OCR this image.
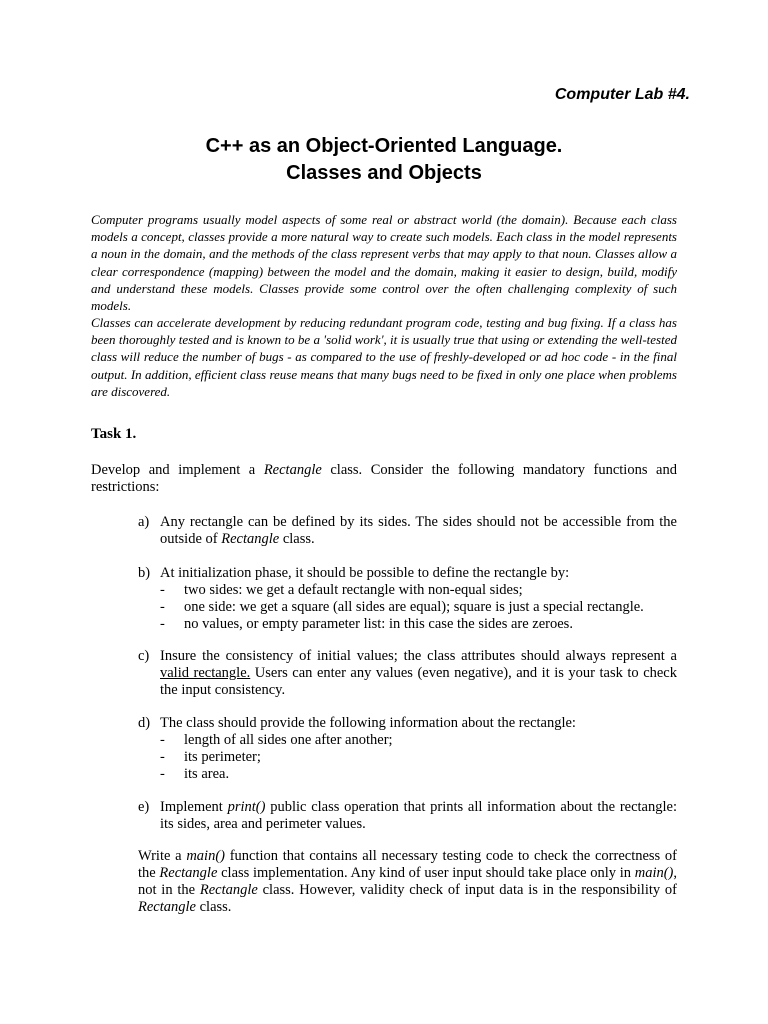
Computer Lab #4.
C++ as an Object-Oriented Language.
Classes and Objects

Computer programs usually model aspects of some real or abstract world (the domain). Because each class models a concept, classes provide a more natural way to create such models. Each class in the model represents a noun in the domain, and the methods of the class represent verbs that may apply to that noun. Classes allow a clear correspondence (mapping) between the model and the domain, making it easier to design, build, modify and understand these models. Classes provide some control over the often challenging complexity of such models.

Classes can accelerate development by reducing redundant program code, testing and bug fixing. If a class has been thoroughly tested and is known to be a 'solid work', it is usually true that using or extending the well-tested class will reduce the number of bugs - as compared to the use of freshly-developed or ad hoc code - in the final output. In addition, efficient class reuse means that many bugs need to be fixed in only one place when problems are discovered.

Task 1.

Develop and implement a Rectangle class. Consider the following mandatory functions and restrictions:

a) Any rectangle can be defined by its sides. The sides should not be accessible from the outside of Rectangle class.
b) At initialization phase, it should be possible to define the rectangle by:
- two sides: we get a default rectangle with non-equal sides;
- one side: we get a square (all sides are equal); square is just a special rectangle.
- no values, or empty parameter list: in this case the sides are zeroes.
c) Insure the consistency of initial values; the class attributes should always represent a valid rectangle. Users can enter any values (even negative), and it is your task to check the input consistency.
d) The class should provide the following information about the rectangle:
- length of all sides one after another;
- its perimeter;
- its area.
e) Implement print() public class operation that prints all information about the rectangle: its sides, area and perimeter values.

Write a main() function that contains all necessary testing code to check the correctness of the Rectangle class implementation. Any kind of user input should take place only in main(), not in the Rectangle class. However, validity check of input data is in the responsibility of Rectangle class.
